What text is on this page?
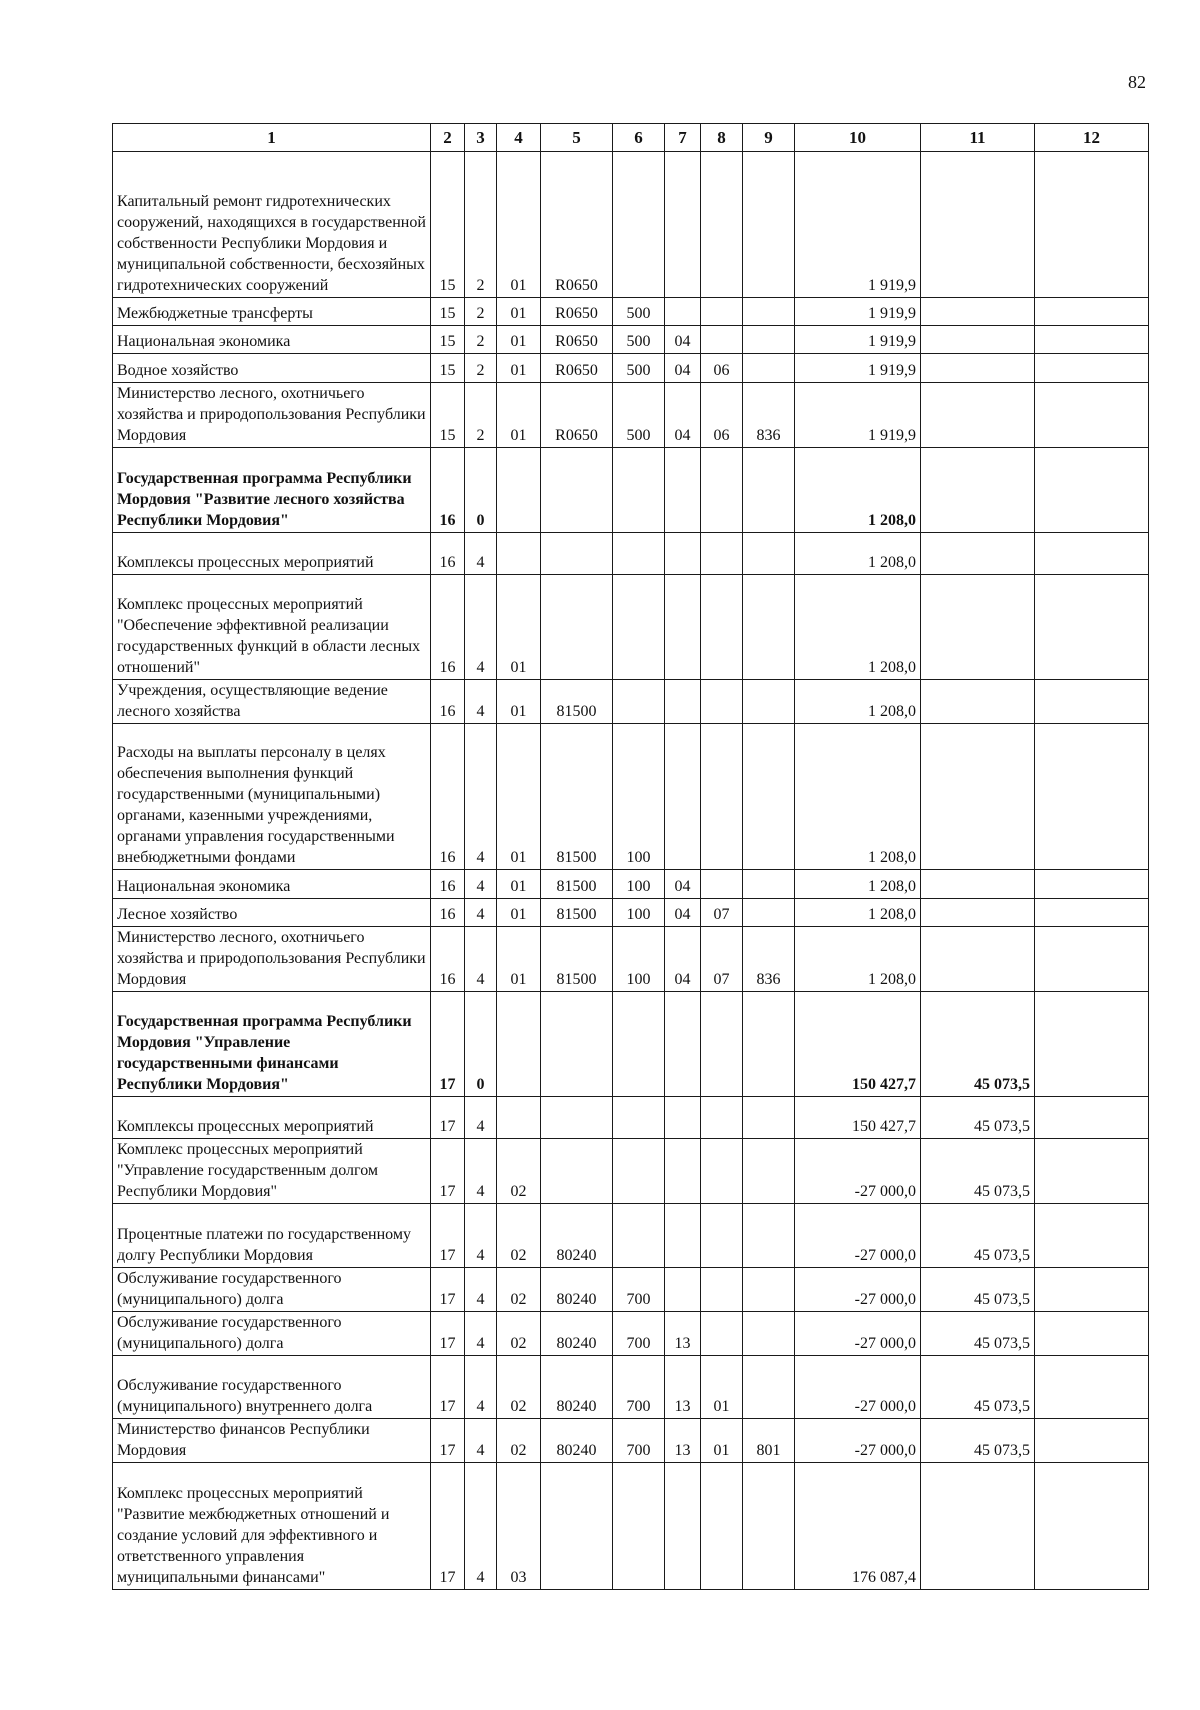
82
1	2	3	4	5	6	7	8	9	10	11	12
Капитальный ремонт гидротехнических сооружений, находящихся в государственной собственности Республики Мордовия и муниципальной собственности, бесхозяйных гидротехнических сооружений	15	2	01	R0650					1 919,9		
Межбюджетные трансферты	15	2	01	R0650	500				1 919,9		
Национальная экономика	15	2	01	R0650	500	04			1 919,9		
Водное хозяйство	15	2	01	R0650	500	04	06		1 919,9		
Министерство лесного, охотничьего хозяйства и природопользования Республики Мордовия	15	2	01	R0650	500	04	06	836	1 919,9		
Государственная программа Республики Мордовия "Развитие лесного хозяйства Республики Мордовия"	16	0							1 208,0		
Комплексы процессных мероприятий	16	4							1 208,0		
Комплекс процессных мероприятий "Обеспечение эффективной реализации государственных функций в области лесных отношений"	16	4	01						1 208,0		
Учреждения, осуществляющие ведение лесного хозяйства	16	4	01	81500					1 208,0		
Расходы на выплаты персоналу в целях обеспечения выполнения функций государственными (муниципальными) органами, казенными учреждениями, органами управления государственными внебюджетными фондами	16	4	01	81500	100				1 208,0		
Национальная экономика	16	4	01	81500	100	04			1 208,0		
Лесное хозяйство	16	4	01	81500	100	04	07		1 208,0		
Министерство лесного, охотничьего хозяйства и природопользования Республики Мордовия	16	4	01	81500	100	04	07	836	1 208,0		
Государственная программа Республики Мордовия "Управление государственными финансами Республики Мордовия"	17	0							150 427,7	45 073,5	
Комплексы процессных мероприятий	17	4							150 427,7	45 073,5	
Комплекс процессных мероприятий "Управление государственным долгом Республики Мордовия"	17	4	02						-27 000,0	45 073,5	
Процентные платежи по государственному долгу Республики Мордовия	17	4	02	80240					-27 000,0	45 073,5	
Обслуживание государственного (муниципального) долга	17	4	02	80240	700				-27 000,0	45 073,5	
Обслуживание государственного (муниципального) долга	17	4	02	80240	700	13			-27 000,0	45 073,5	
Обслуживание государственного (муниципального) внутреннего долга	17	4	02	80240	700	13	01		-27 000,0	45 073,5	
Министерство финансов Республики Мордовия	17	4	02	80240	700	13	01	801	-27 000,0	45 073,5	
Комплекс процессных мероприятий "Развитие межбюджетных отношений и создание условий для эффективного и ответственного управления муниципальными финансами"	17	4	03						176 087,4		
